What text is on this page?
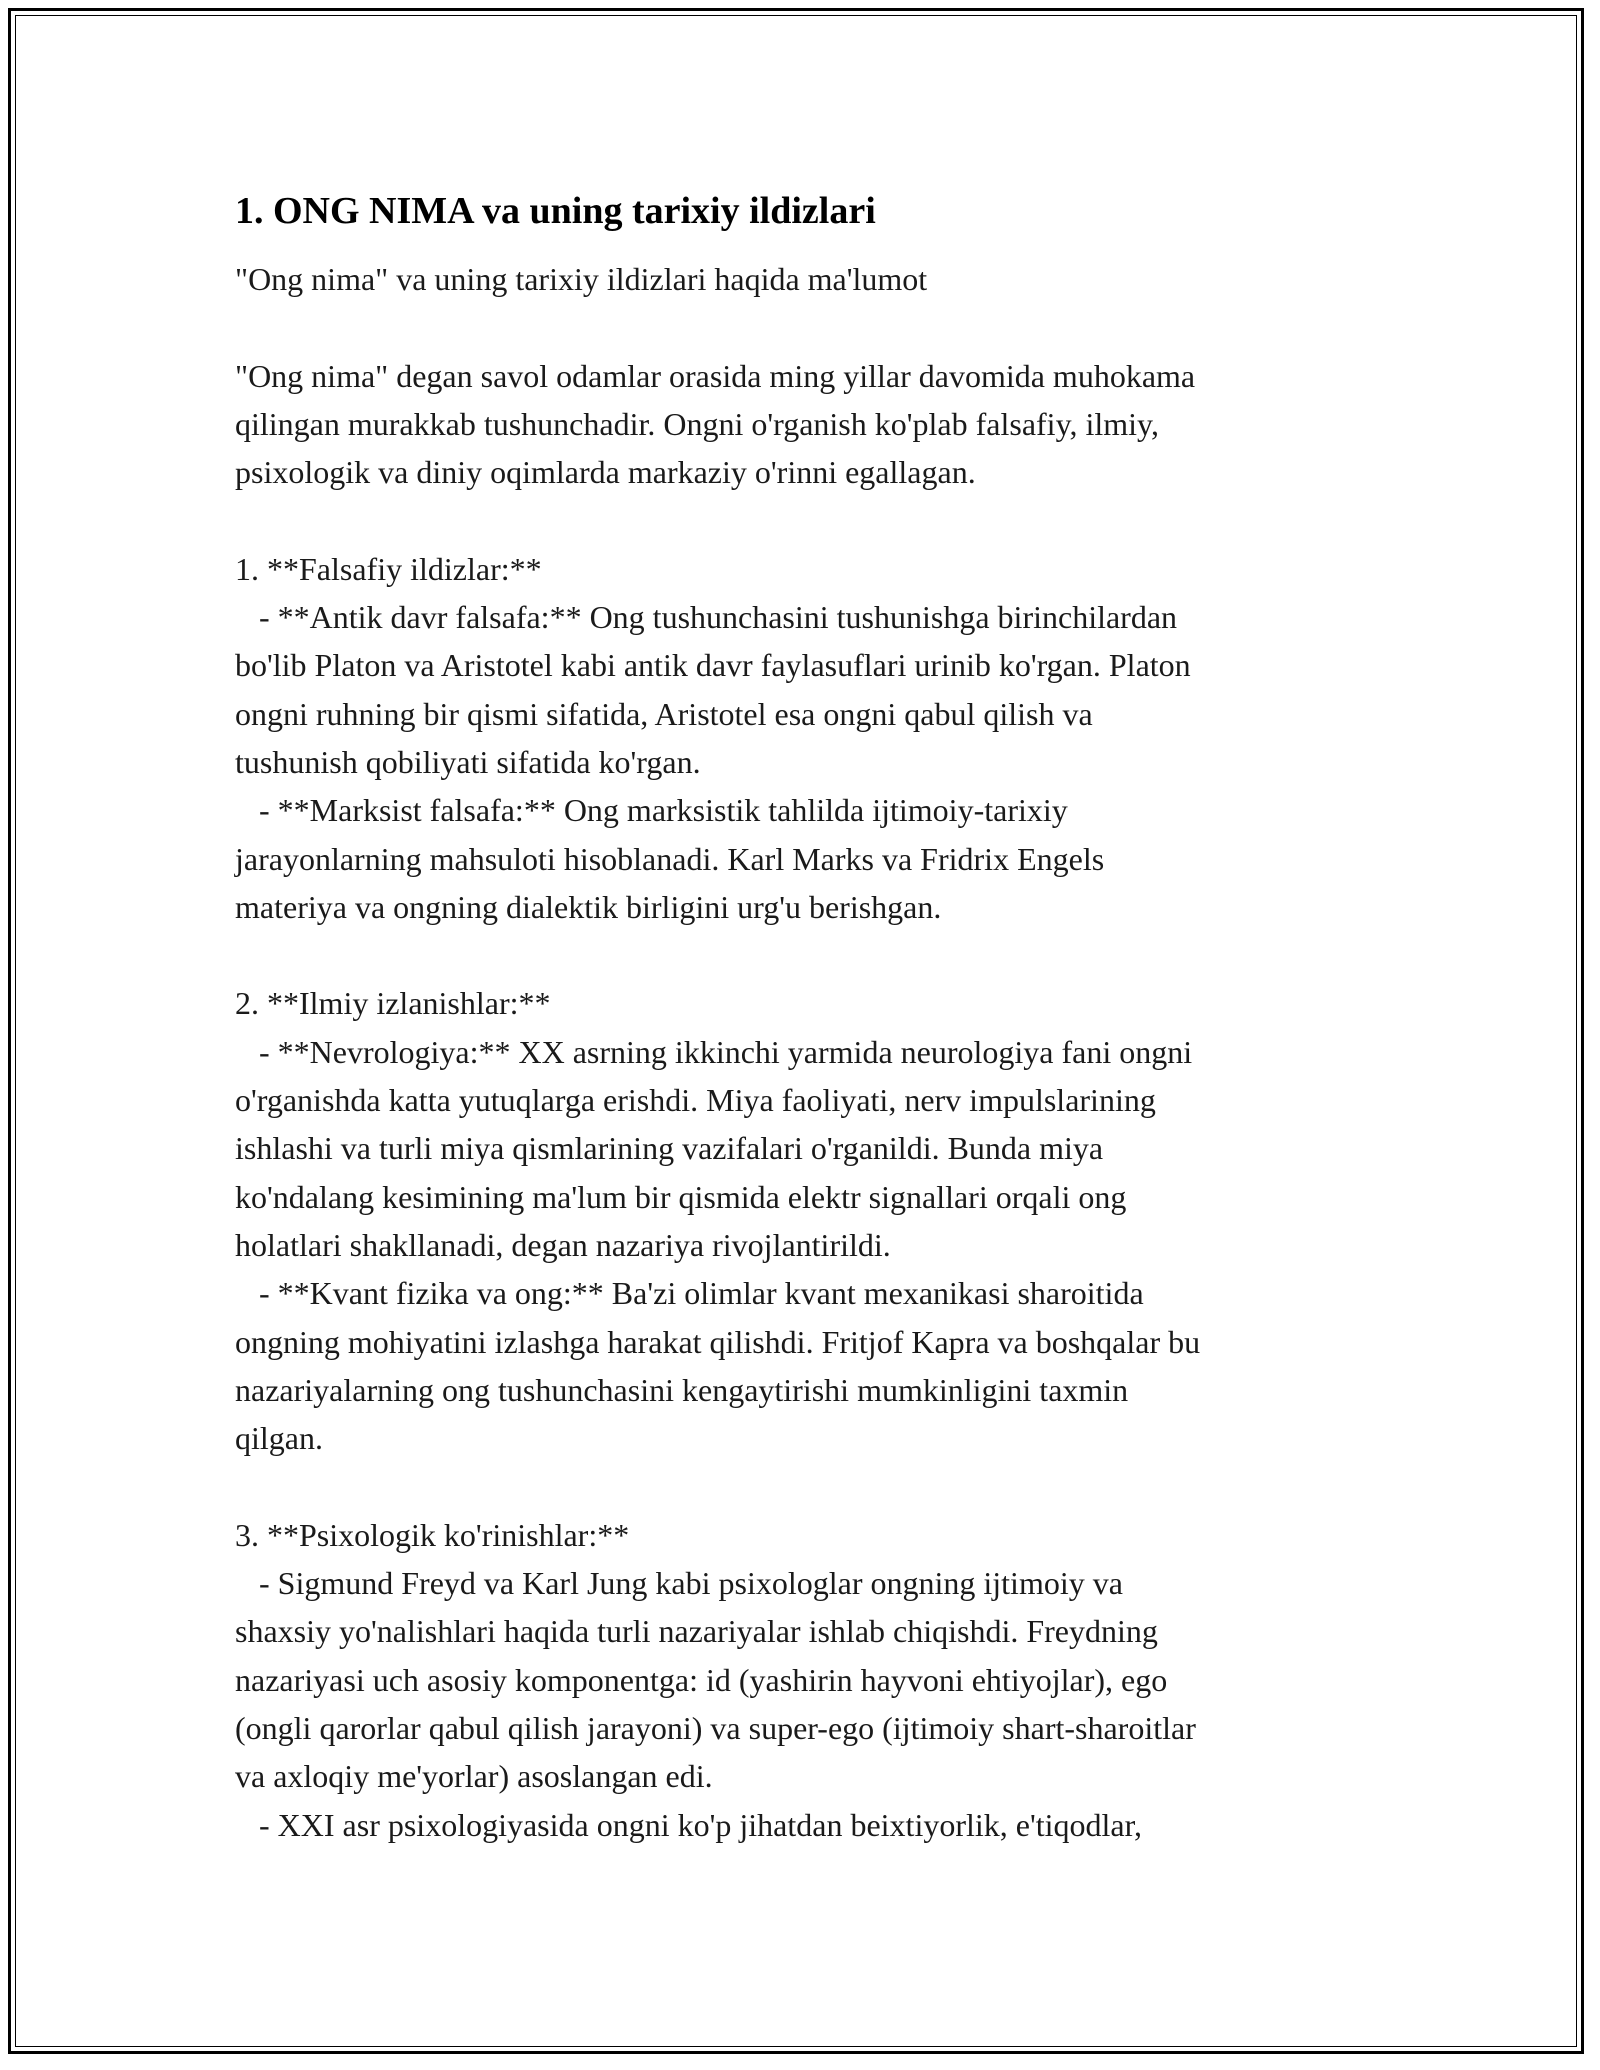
1. ONG NIMA va uning tarixiy ildizlari

"Ong nima" va uning tarixiy ildizlari haqida ma'lumot

"Ong nima" degan savol odamlar orasida ming yillar davomida muhokama
qilingan murakkab tushunchadir. Ongni o'rganish ko'plab falsafiy, ilmiy,
psixologik va diniy oqimlarda markaziy o'rinni egallagan.

1. **Falsafiy ildizlar:**
- **Antik davr falsafa:** Ong tushunchasini tushunishga birinchilardan
bo'lib Platon va Aristotel kabi antik davr faylasuflari urinib ko'rgan. Platon
ongni ruhning bir qismi sifatida, Aristotel esa ongni qabul qilish va
tushunish qobiliyati sifatida ko'rgan.
- **Marksist falsafa:** Ong marksistik tahlilda ijtimoiy-tarixiy
jarayonlarning mahsuloti hisoblanadi. Karl Marks va Fridrix Engels
materiya va ongning dialektik birligini urg'u berishgan.

2. **Ilmiy izlanishlar:**
- **Nevrologiya:** XX asrning ikkinchi yarmida neurologiya fani ongni
o'rganishda katta yutuqlarga erishdi. Miya faoliyati, nerv impulslarining
ishlashi va turli miya qismlarining vazifalari o'rganildi. Bunda miya
ko'ndalang kesimining ma'lum bir qismida elektr signallari orqali ong
holatlari shakllanadi, degan nazariya rivojlantirildi.
- **Kvant fizika va ong:** Ba'zi olimlar kvant mexanikasi sharoitida
ongning mohiyatini izlashga harakat qilishdi. Fritjof Kapra va boshqalar bu
nazariyalarning ong tushunchasini kengaytirishi mumkinligini taxmin
qilgan.

3. **Psixologik ko'rinishlar:**
- Sigmund Freyd va Karl Jung kabi psixologlar ongning ijtimoiy va
shaxsiy yo'nalishlari haqida turli nazariyalar ishlab chiqishdi. Freydning
nazariyasi uch asosiy komponentga: id (yashirin hayvoni ehtiyojlar), ego
(ongli qarorlar qabul qilish jarayoni) va super-ego (ijtimoiy shart-sharoitlar
va axloqiy me'yorlar) asoslangan edi.
- XXI asr psixologiyasida ongni ko'p jihatdan beixtiyorlik, e'tiqodlar,
